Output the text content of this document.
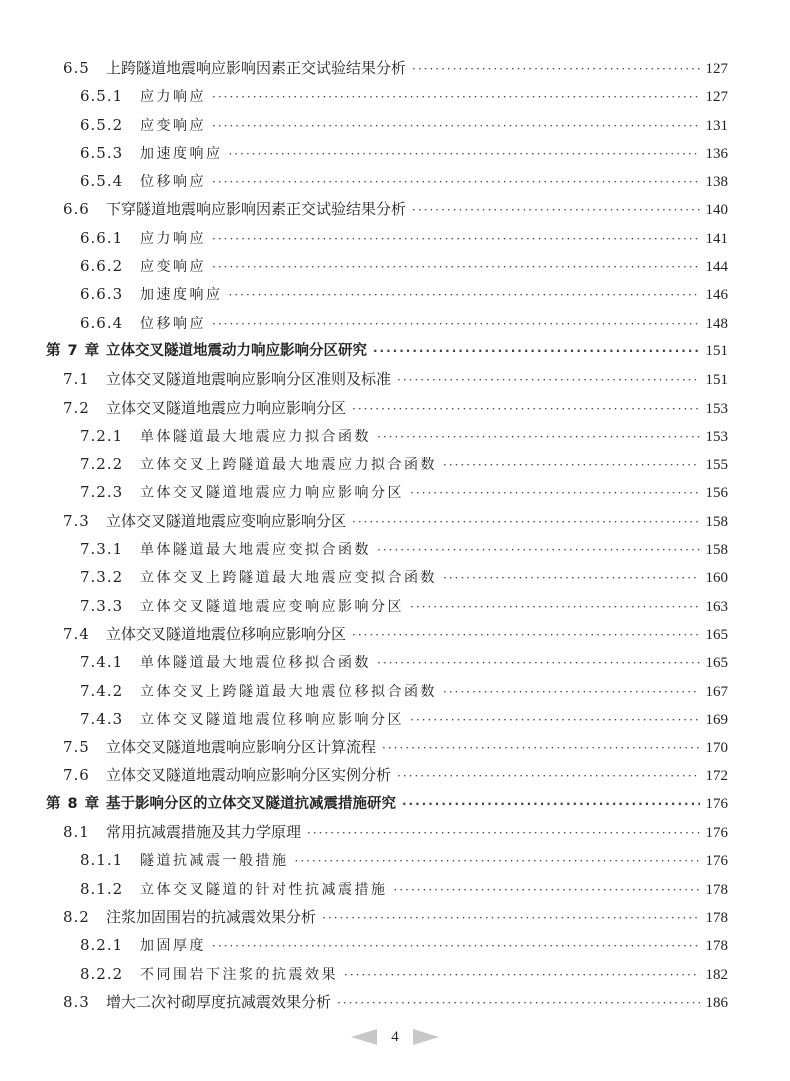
6.5	上跨隧道地震响应影响因素正交试验结果分析 ·····	127
6.5.1	应力响应 ·····	127
6.5.2	应变响应 ·····	131
6.5.3	加速度响应 ·····	136
6.5.4	位移响应 ·····	138
6.6	下穿隧道地震响应影响因素正交试验结果分析 ·····	140
6.6.1	应力响应 ·····	141
6.6.2	应变响应 ·····	144
6.6.3	加速度响应 ·····	146
6.6.4	位移响应 ·····	148
第 7 章 立体交叉隧道地震动力响应影响分区研究 ·····	151
7.1	立体交叉隧道地震响应影响分区准则及标准 ·····	151
7.2	立体交叉隧道地震应力响应影响分区 ·····	153
7.2.1	单体隧道最大地震应力拟合函数 ·····	153
7.2.2	立体交叉上跨隧道最大地震应力拟合函数 ·····	155
7.2.3	立体交叉隧道地震应力响应影响分区 ·····	156
7.3	立体交叉隧道地震应变响应影响分区 ·····	158
7.3.1	单体隧道最大地震应变拟合函数 ·····	158
7.3.2	立体交叉上跨隧道最大地震应变拟合函数 ·····	160
7.3.3	立体交叉隧道地震应变响应影响分区 ·····	163
7.4	立体交叉隧道地震位移响应影响分区 ·····	165
7.4.1	单体隧道最大地震位移拟合函数 ·····	165
7.4.2	立体交叉上跨隧道最大地震位移拟合函数 ·····	167
7.4.3	立体交叉隧道地震位移响应影响分区 ·····	169
7.5	立体交叉隧道地震响应影响分区计算流程 ·····	170
7.6	立体交叉隧道地震动响应影响分区实例分析 ·····	172
第 8 章 基于影响分区的立体交叉隧道抗减震措施研究 ·····	176
8.1	常用抗减震措施及其力学原理 ·····	176
8.1.1	隧道抗减震一般措施 ·····	176
8.1.2	立体交叉隧道的针对性抗减震措施 ·····	178
8.2	注浆加固围岩的抗减震效果分析 ·····	178
8.2.1	加固厚度 ·····	178
8.2.2	不同围岩下注浆的抗震效果 ·····	182
8.3	增大二次衬砌厚度抗减震效果分析 ·····	186
4
